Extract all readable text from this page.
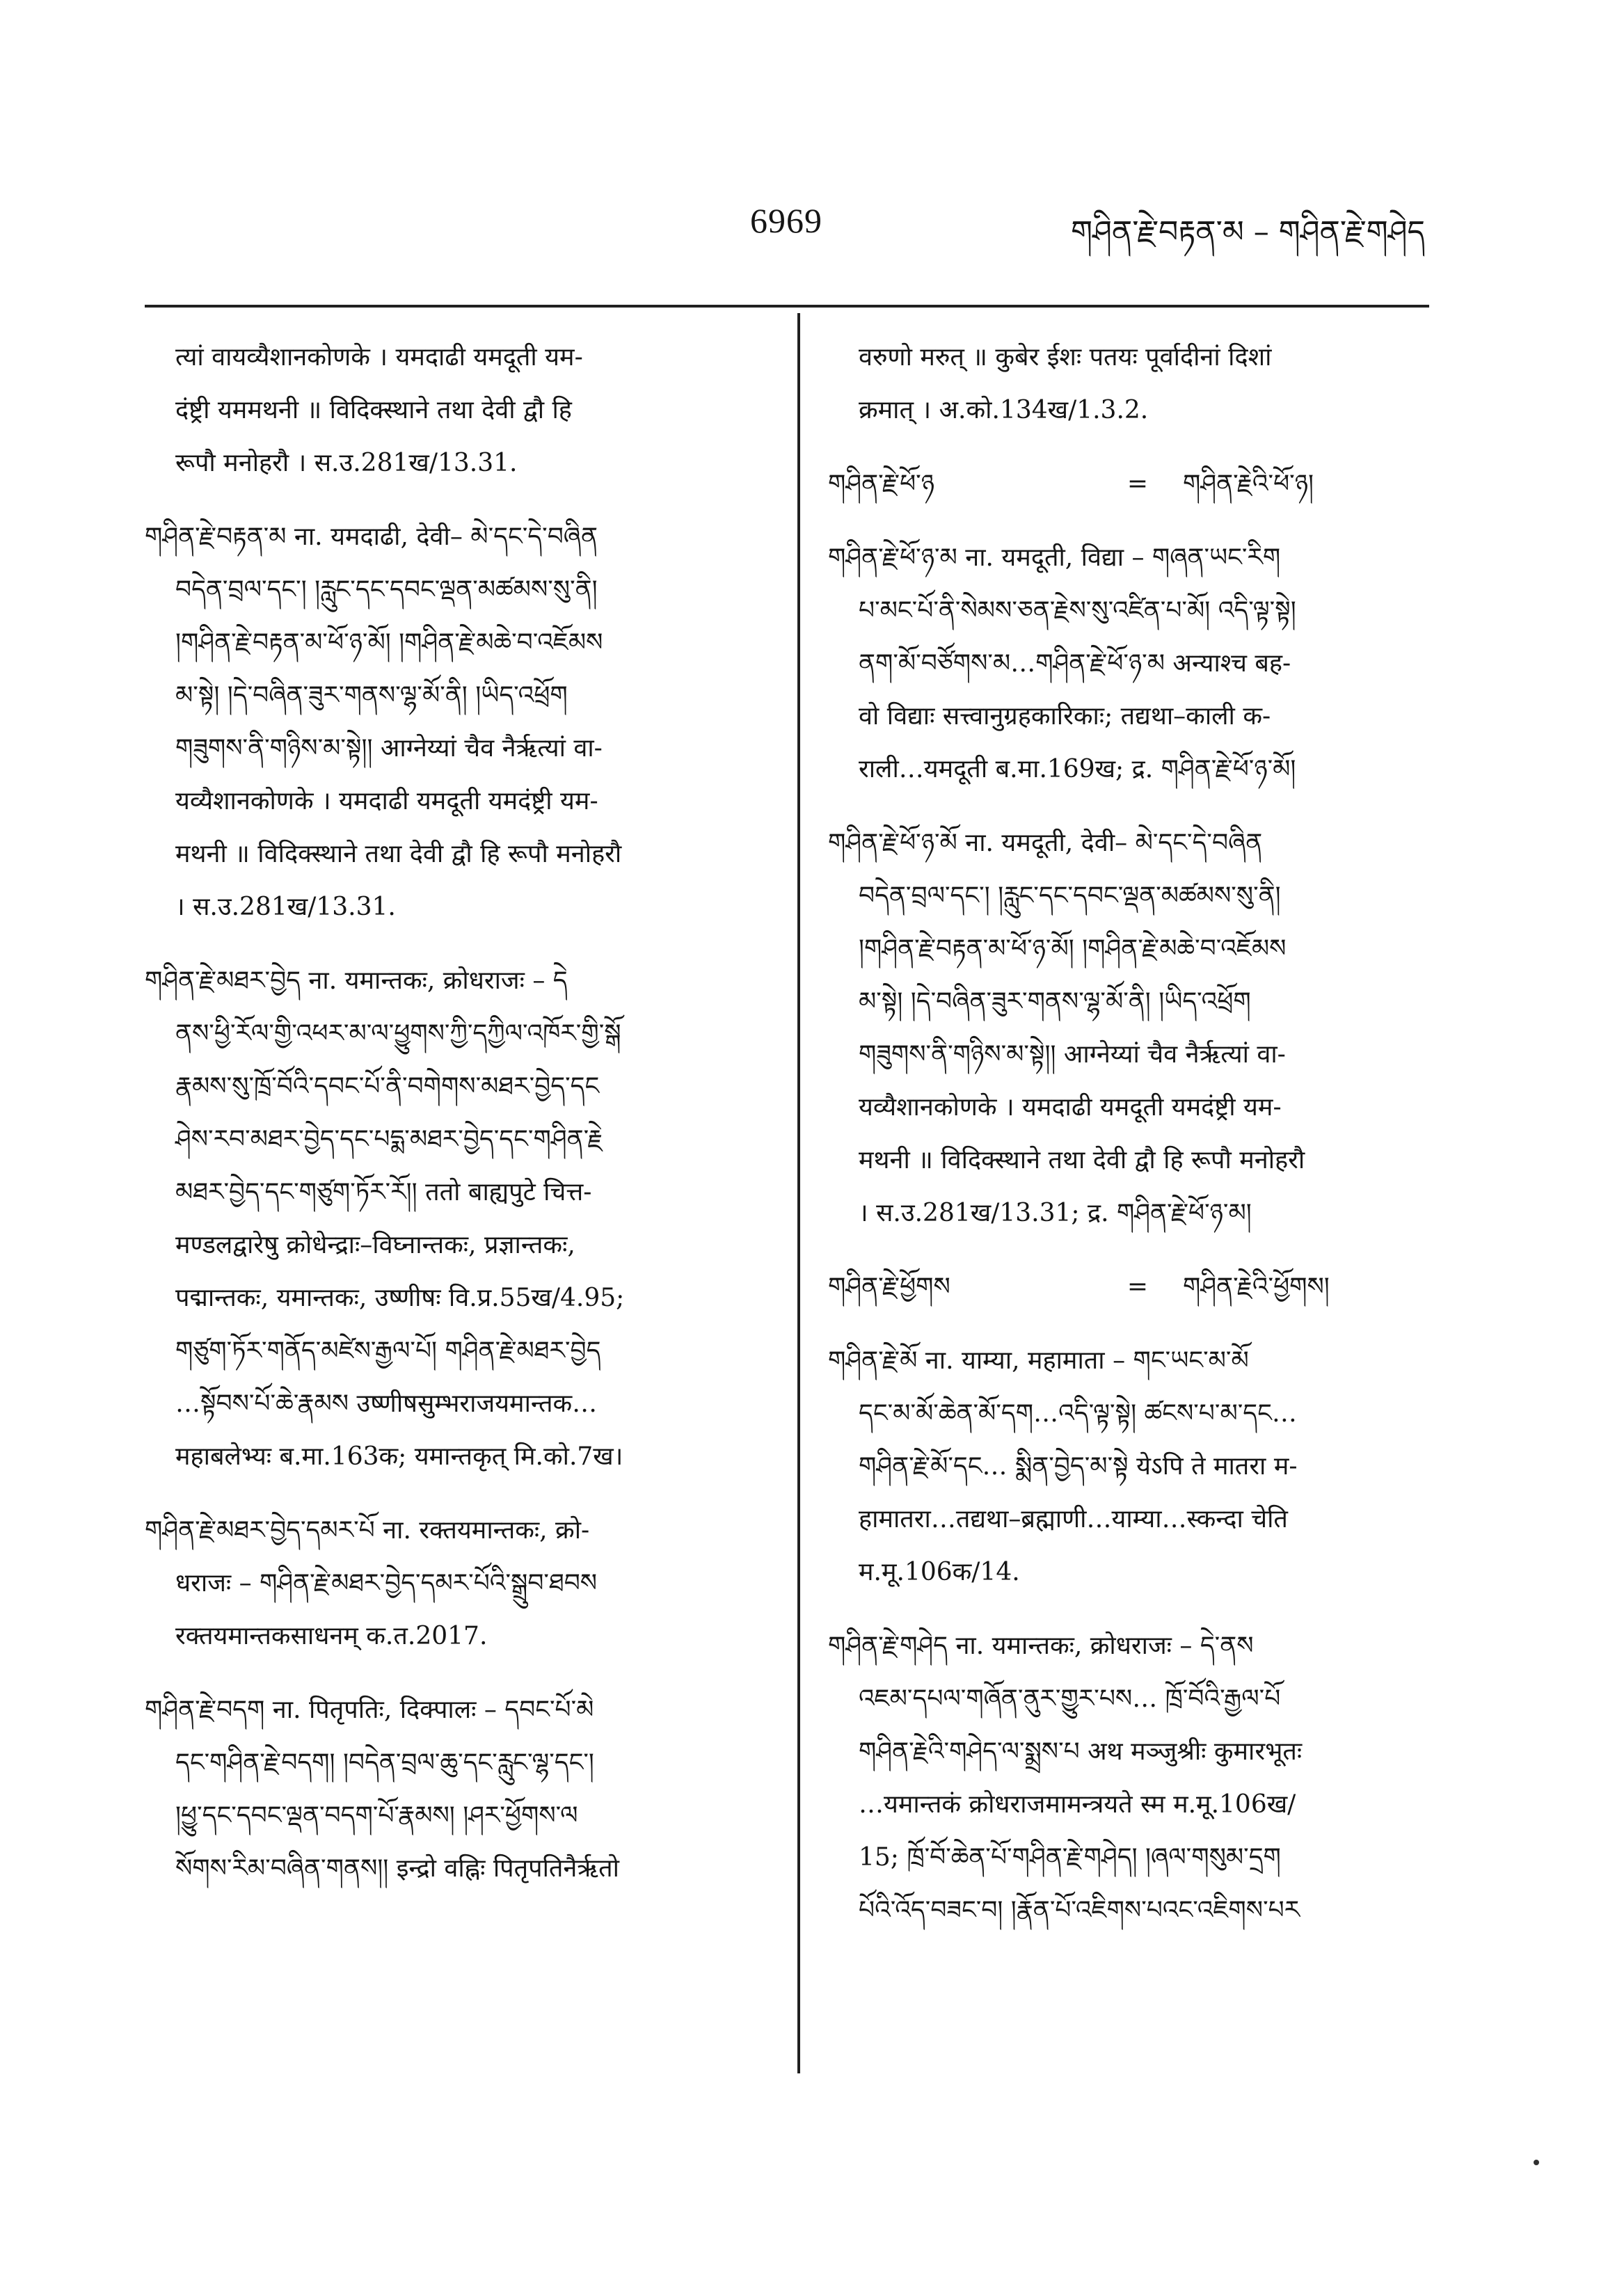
6969	གཤིན་རྗེ་བརྟན་མ – གཤིན་རྗེ་གཤེད
त्यां वायव्यैशानकोणके । यमदाढी यमदूती यम-
दंष्ट्री यममथनी ॥ विदिक्स्थाने तथा देवी द्वौ हि
रूपौ मनोहरौ । स.उ.281ख/13.31.
གཤིན་རྗེ་བརྟན་མ ना. यमदाढी, देवी– མེ་དང་དེ་བཞིན
བདེན་བྲལ་དང་། །རླུང་དང་དབང་ལྡན་མཚམས་སུ་ནི།
།གཤིན་རྗེ་བརྟན་མ་ཕོ་ཉ་མོ། །གཤིན་རྗེ་མཆེ་བ་འཇོམས
མ་སྟེ། །དེ་བཞིན་ཟུར་གནས་ལྷ་མོ་ནི། །ཡིད་འཕྲོག
གཟུགས་ནི་གཉིས་མ་སྟེ།། आग्नेय्यां चैव नैर्ऋत्यां वा-
यव्यैशानकोणके । यमदाढी यमदूती यमदंष्ट्री यम-
मथनी ॥ विदिक्स्थाने तथा देवी द्वौ हि रूपौ मनोहरौ
। स.उ.281ख/13.31.
གཤིན་རྗེ་མཐར་བྱེད ना. यमान्तकः, क्रोधराजः – དེ
ནས་ཕྱི་རོལ་གྱི་འཕར་མ་ལ་ཕྱུགས་ཀྱི་དཀྱིལ་འཁོར་གྱི་སྒོ
རྣམས་སུ་ཁྲོ་བོའི་དབང་པོ་ནི་བགེགས་མཐར་བྱེད་དང
ཤེས་རབ་མཐར་བྱེད་དང་པདྨ་མཐར་བྱེད་དང་གཤིན་རྗེ
མཐར་བྱེད་དང་གཙུག་ཏོར་རོ།། ततो बाह्यपुटे चित्त-
मण्डलद्वारेषु क्रोधेन्द्राः–विघ्नान्तकः, प्रज्ञान्तकः,
पद्मान्तकः, यमान्तकः, उष्णीषः वि.प्र.55ख/4.95;
གཙུག་ཏོར་གནོད་མཛེས་རྒྱལ་པོ། གཤིན་རྗེ་མཐར་བྱེད
…སྟོབས་པོ་ཆེ་རྣམས उष्णीषसुम्भराजयमान्तक…
महाबलेभ्यः ब.मा.163क; यमान्तकृत् मि.को.7ख।
གཤིན་རྗེ་མཐར་བྱེད་དམར་པོ ना. रक्तयमान्तकः, क्रो-
धराजः – གཤིན་རྗེ་མཐར་བྱེད་དམར་པོའི་སྒྲུབ་ཐབས
रक्तयमान्तकसाधनम् क.त.2017.
གཤིན་རྗེ་བདག ना. पितृपतिः, दिक्पालः – དབང་པོ་མེ
དང་གཤིན་རྗེ་བདག། །བདེན་བྲལ་ཆུ་དང་རླུང་ལྷ་དང་།
།ཕྱུ་དང་དབང་ལྡན་བདག་པོ་རྣམས། །ཤར་ཕྱོགས་ལ
སོགས་རིམ་བཞིན་གནས།། इन्द्रो वह्निः पितृपतिनैर्ऋतो
वरुणो मरुत् ॥ कुबेर ईशः पतयः पूर्वादीनां दिशां
क्रमात् । अ.को.134ख/1.3.2.
གཤིན་རྗེ་ཕོ་ཉ	=	གཤིན་རྗེའི་ཕོ་ཉ།
གཤིན་རྗེ་ཕོ་ཉ་མ ना. यमदूती, विद्या – གཞན་ཡང་རིག
པ་མང་པོ་ནི་སེམས་ཅན་རྗེས་སུ་འཛིན་པ་མོ། འདི་ལྟ་སྟེ།
ནག་མོ་བཙོགས་མ…གཤིན་རྗེ་ཕོ་ཉ་མ अन्याश्च बह-
वो विद्याः सत्त्वानुग्रहकारिकाः; तद्यथा–काली क-
राली…यमदूती ब.मा.169ख; द्र. གཤིན་རྗེ་ཕོ་ཉ་མོ།
གཤིན་རྗེ་ཕོ་ཉ་མོ ना. यमदूती, देवी– མེ་དང་དེ་བཞིན
བདེན་བྲལ་དང་། །རླུང་དང་དབང་ལྡན་མཚམས་སུ་ནི།
།གཤིན་རྗེ་བརྟན་མ་ཕོ་ཉ་མོ། །གཤིན་རྗེ་མཆེ་བ་འཇོམས
མ་སྟེ། །དེ་བཞིན་ཟུར་གནས་ལྷ་མོ་ནི། །ཡིད་འཕྲོག
གཟུགས་ནི་གཉིས་མ་སྟེ།། आग्नेय्यां चैव नैर्ऋत्यां वा-
यव्यैशानकोणके । यमदाढी यमदूती यमदंष्ट्री यम-
मथनी ॥ विदिक्स्थाने तथा देवी द्वौ हि रूपौ मनोहरौ
। स.उ.281ख/13.31; द्र. གཤིན་རྗེ་ཕོ་ཉ་མ།
གཤིན་རྗེ་ཕྱོགས	=	གཤིན་རྗེའི་ཕྱོགས།
གཤིན་རྗེ་མོ ना. याम्या, महामाता – གང་ཡང་མ་མོ
དང་མ་མོ་ཆེན་མོ་དག…འདི་ལྟ་སྟེ། ཚངས་པ་མ་དང…
གཤིན་རྗེ་མོ་དང… སྨིན་བྱེད་མ་སྟེ येऽपि ते मातरा म-
हामातरा…तद्यथा–ब्रह्माणी…याम्या…स्कन्दा चेति
म.मू.106क/14.
གཤིན་རྗེ་གཤེད ना. यमान्तकः, क्रोधराजः – དེ་ནས
འཇམ་དཔལ་གཞོན་ནུར་གྱུར་པས… ཁྲོ་བོའི་རྒྱལ་པོ
གཤིན་རྗེའི་གཤེད་ལ་སྨྲས་པ अथ मञ्जुश्रीः कुमारभूतः
…यमान्तकं क्रोधराजमामन्त्रयते स्म म.मू.106ख/
15; ཁྲོ་བོ་ཆེན་པོ་གཤིན་རྗེ་གཤེད། །ཞལ་གསུམ་དྲག
པོའི་འོད་བཟང་བ། །རྣོན་པོ་འཇིགས་པའང་འཇིགས་པར
